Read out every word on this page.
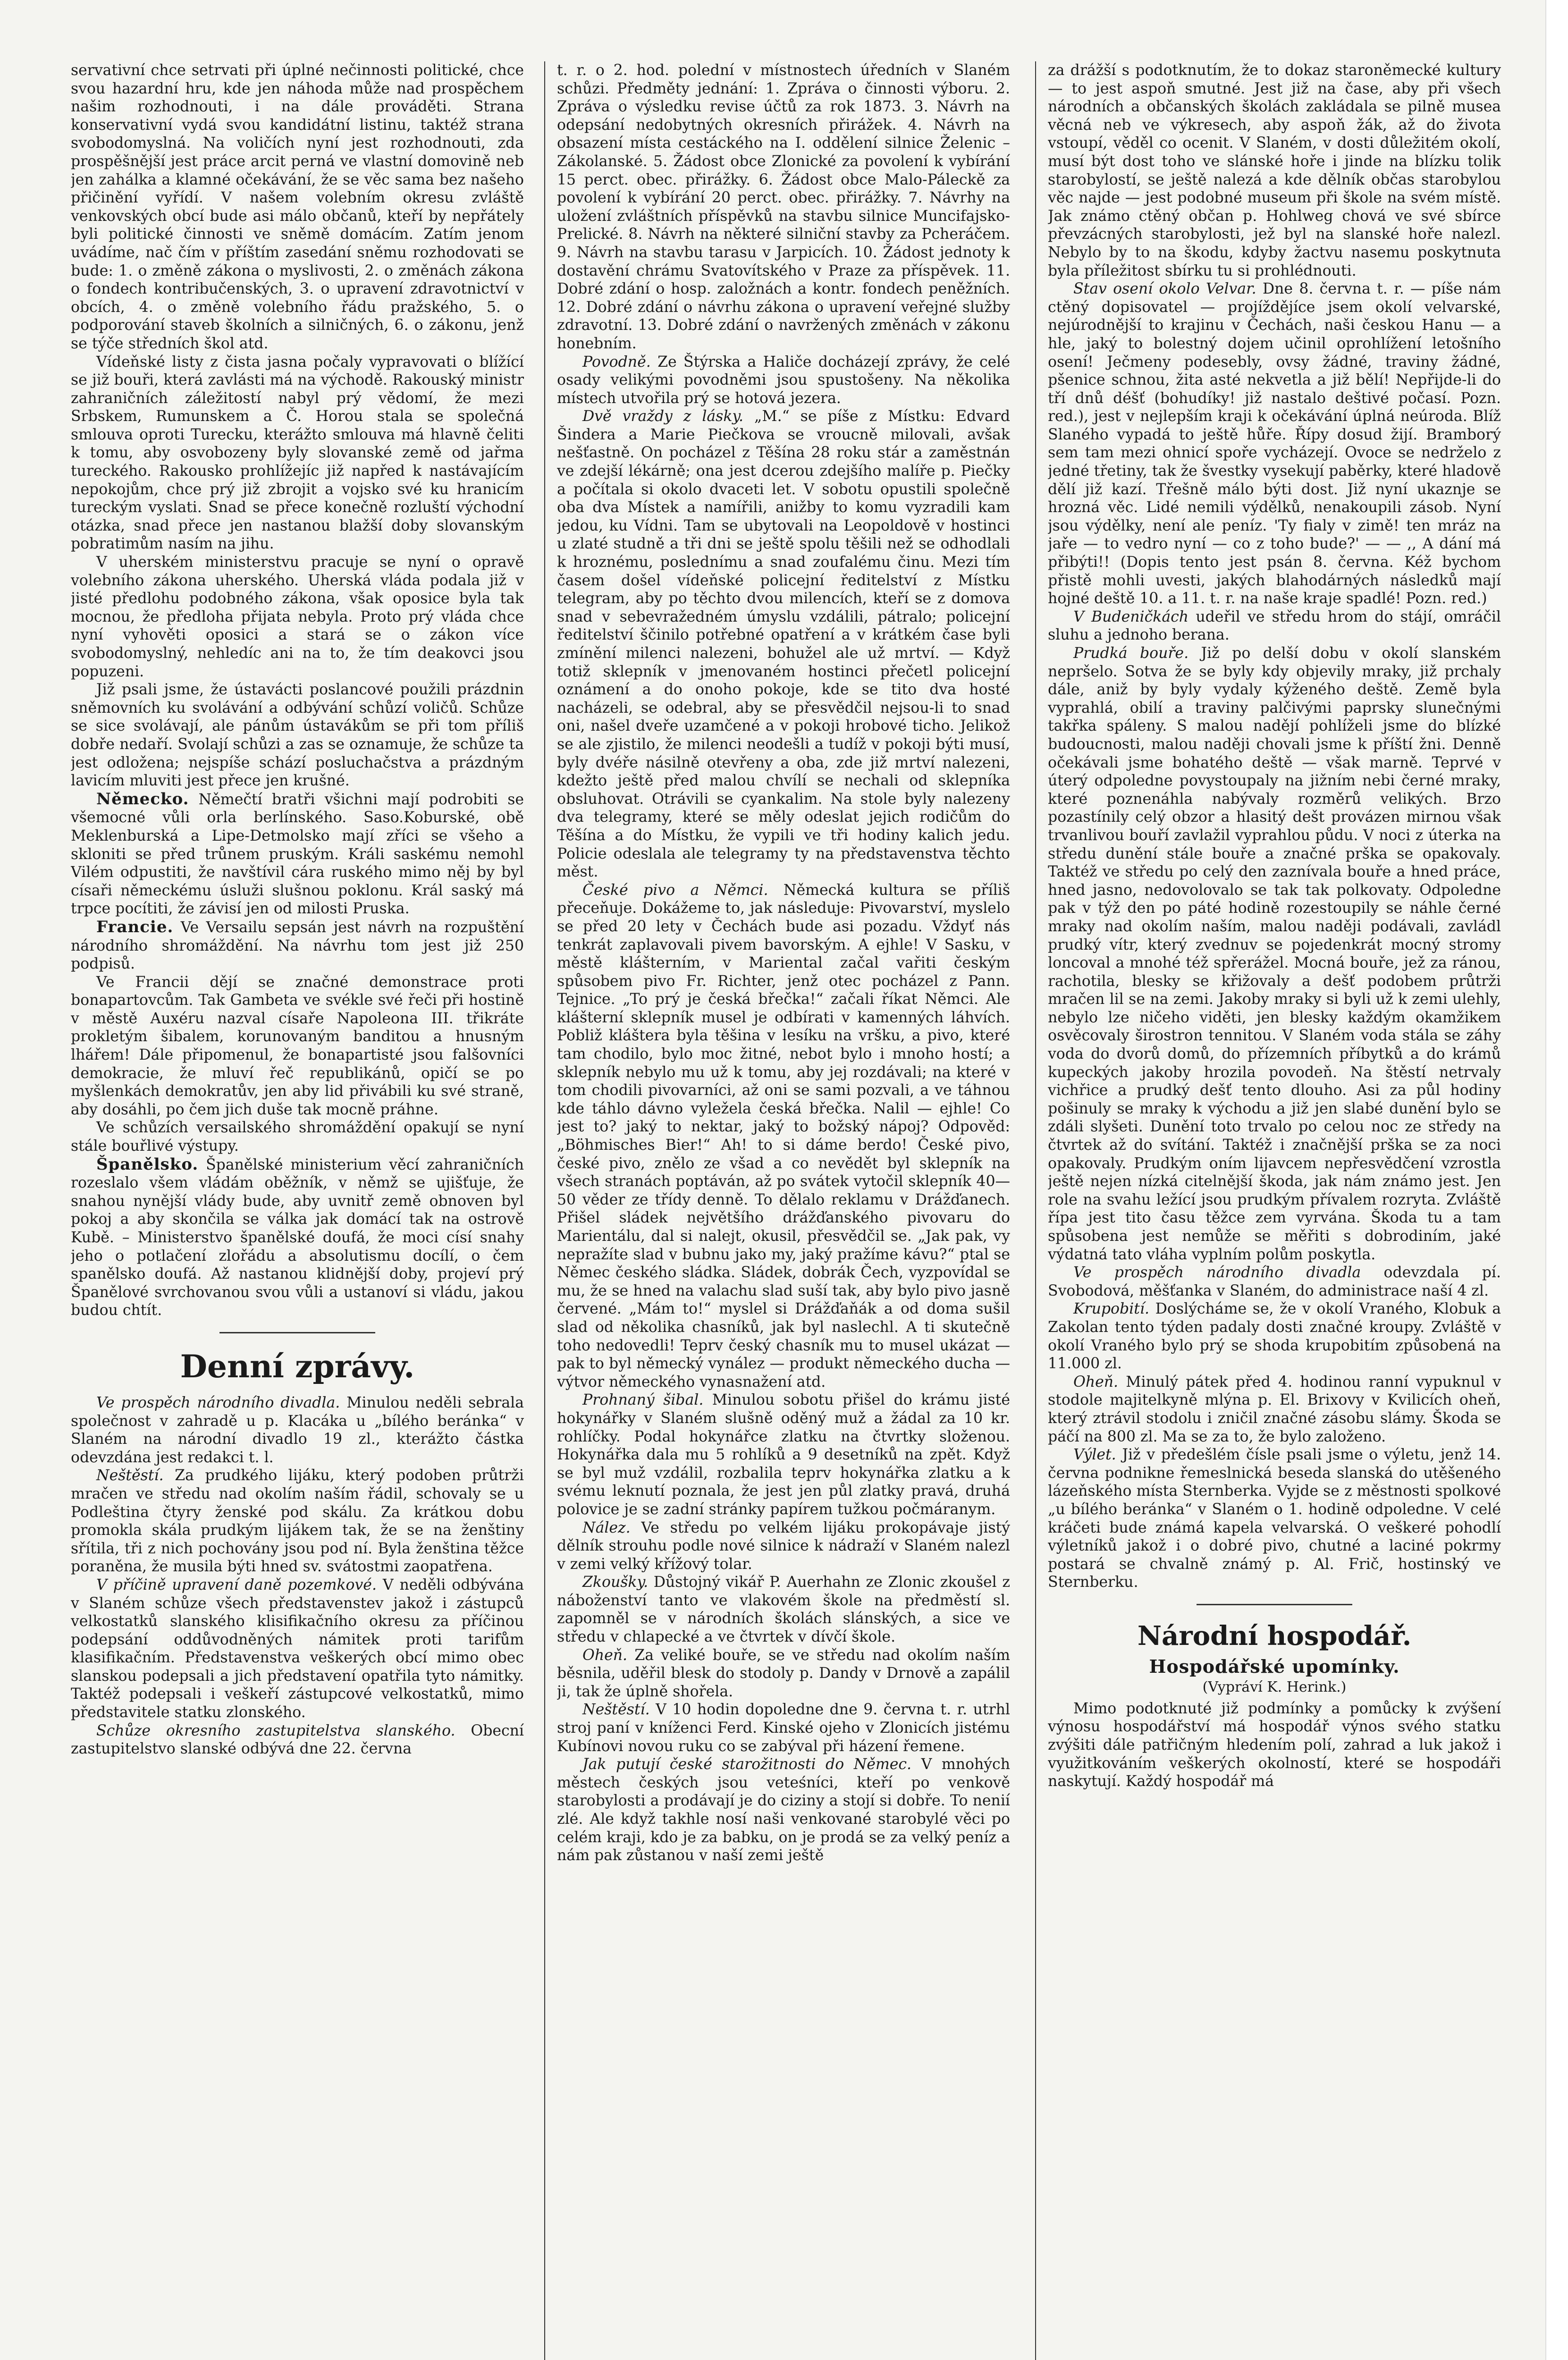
servativní chce setrvati při úplné nečinnosti politické, chce svou hazardní hru, kde jen náhoda může nad prospěchem našim rozhodnouti, i na dále prováděti. Strana konservativní vydá svou kandidátní listinu, taktéž strana svobodomyslná. Na voličích nyní jest rozhodnouti, zda prospěšnější jest práce arcit perná ve vlastní domovině neb jen zahálka a klamné očekávání, že se věc sama bez našeho přičinění vyřídí. V našem volebním okresu zvláště venkovských obcí bude asi málo občanů, kteří by nepřátely byli politické činnosti ve sněmě domácím. Zatím jenom uvádíme, nač čím v příštím zasedání sněmu rozhodovati se bude: 1. o změně zákona o myslivosti, 2. o změnách zákona o fondech kontribučenských, 3. o upravení zdravotnictví v obcích, 4. o změně volebního řádu pražského, 5. o podporování staveb školních a silničných, 6. o zákonu, jenž se týče středních škol atd.

Vídeňské listy z čista jasna počaly vypravovati o blížící se již bouři, která zavlásti má na východě. Rakouský ministr zahraničních záležitostí nabyl prý vědomí, že mezi Srbskem, Rumunskem a Č. Horou stala se společná smlouva oproti Turecku, kterážto smlouva má hlavně čeliti k tomu, aby osvobozeny byly slovanské země od jařma tureckého. Rakousko prohlížejíc již napřed k nastávajícím nepokojům, chce prý již zbrojit a vojsko své ku hranicím tureckým vyslati. Snad se přece konečně rozluští východní otázka, snad přece jen nastanou blažší doby slovanským pobratimům nasím na jihu.

V uherském ministerstvu pracuje se nyní o opravě volebního zákona uherského. Uherská vláda podala již v jisté předlohu podobného zákona, však oposice byla tak mocnou, že předloha přijata nebyla. Proto prý vláda chce nyní vyhověti oposici a stará se o zákon více svobodomyslný, nehledíc ani na to, že tím deakovci jsou popuzeni.

Již psali jsme, že ústavácti poslancové použili prázdnin sněmovních ku svolávání a odbývání schůzí voličů. Schůze se sice svolávají, ale pánům ústavákům se při tom příliš dobře nedaří. Svolají schůzi a zas se oznamuje, že schůze ta jest odložena; nejspíše schází posluchačstva a prázdným lavicím mluviti jest přece jen krušné.

Německo. Němečtí bratři všichni mají podrobiti se všemocné vůli orla berlínského. Saso.Koburské, obě Meklenburská a Lipe-Detmolsko mají zříci se všeho a skloniti se před trůnem pruským. Králi saskému nemohl Vilém odpustiti, že navštívil cára ruského mimo něj by byl císaři německému úsluži slušnou poklonu. Král saský má trpce pocítiti, že závisí jen od milosti Pruska.

Francie. Ve Versailu sepsán jest návrh na rozpuštění národního shromáždění. Na návrhu tom jest již 250 podpisů.

Ve Francii dějí se značné demonstrace proti bonapartovcům. Tak Gambeta ve svékle své řeči při hostině v městě Auxéru nazval císaře Napoleona III. třikráte prokletým šibalem, korunovaným banditou a hnusným lhářem! Dále připomenul, že bonapartisté jsou falšovníci demokracie, že mluví řeč republikánů, opičí se po myšlenkách demokratův, jen aby lid přivábili ku své straně, aby dosáhli, po čem jich duše tak mocně práhne.

Ve schůzích versailského shromáždění opakují se nyní stále bouřlivé výstupy.

Španělsko. Španělské ministerium věcí zahraničních rozeslalo všem vládám oběžník, v němž se ujišťuje, že snahou nynější vlády bude, aby uvnitř země obnoven byl pokoj a aby skončila se válka jak domácí tak na ostrově Kubě. – Ministerstvo španělské doufá, že moci císí snahy jeho o potlačení zlořádu a absolutismu docílí, o čem spanělsko doufá. Až nastanou klidnější doby, projeví prý Španělové svrchovanou svou vůli a ustanoví si vládu, jakou budou chtít.

Denní zprávy.

Ve prospěch národního divadla. Minulou neděli sebrala společnost v zahradě u p. Klacáka u „bílého beránka“ v Slaném na národní divadlo 19 zl., kterážto částka odevzdána jest redakci t. l.

Neštěstí. Za prudkého lijáku, který podoben průtrži mračen ve středu nad okolím naším řádil, schovaly se u Podleština čtyry ženské pod skálu. Za krátkou dobu promokla skála prudkým lijákem tak, že se na ženštiny sřítila, tři z nich pochovány jsou pod ní. Byla ženština těžce poraněna, že musila býti hned sv. svátostmi zaopatřena.

V příčině upravení daně pozemkové. V neděli odbývána v Slaném schůze všech představenstev jakož i zástupců velkostatků slanského klisifikačního okresu za příčinou podepsání oddůvodněných námitek proti tarifům klasifikačním. Představenstva veškerých obcí mimo obec slanskou podepsali a jich představení opatřila tyto námitky. Taktéž podepsali i veškeří zástupcové velkostatků, mimo představitele statku zlonského.

Schůze okresního zastupitelstva slanského. Obecní zastupitelstvo slanské odbývá dne 22. června

t. r. o 2. hod. polední v místnostech úředních v Slaném schůzi. Předměty jednání: 1. Zpráva o činnosti výboru. 2. Zpráva o výsledku revise účtů za rok 1873. 3. Návrh na odepsání nedobytných okresních přirážek. 4. Návrh na obsazení místa cestáckého na I. oddělení silnice Želenic – Zákolanské. 5. Žádost obce Zlonické za povolení k vybírání 15 perct. obec. přirážky. 6. Žádost obce Malo-Páleckě za povolení k vybírání 20 perct. obec. přirážky. 7. Návrhy na uložení zvláštních příspěvků na stavbu silnice Muncifajsko-Prelické. 8. Návrh na některé silniční stavby za Pcheráčem. 9. Návrh na stavbu tarasu v Jarpicích. 10. Žádost jednoty k dostavění chrámu Svatovítského v Praze za příspěvek. 11. Dobré zdání o hosp. založnách a kontr. fondech peněžních. 12. Dobré zdání o návrhu zákona o upravení veřejné služby zdravotní. 13. Dobré zdání o navržených změnách v zákonu honebním.

Povodně. Ze Štýrska a Haliče docházejí zprávy, že celé osady velikými povodněmi jsou spustošeny. Na několika místech utvořila prý se hotová jezera.

Dvě vraždy z lásky. „M.“ se píše z Místku: Edvard Šindera a Marie Piečkova se vroucně milovali, avšak nešťastně. On pocházel z Těšína 28 roku stár a zaměstnán ve zdejší lékárně; ona jest dcerou zdejšího malíře p. Piečky a počítala si okolo dvaceti let. V sobotu opustili společně oba dva Místek a namířili, anižby to komu vyzradili kam jedou, ku Vídni. Tam se ubytovali na Leopoldově v hostinci u zlaté studně a tři dni se ještě spolu těšili než se odhodlali k hroznému, poslednímu a snad zoufalému činu. Mezi tím časem došel vídeňské policejní ředitelství z Místku telegram, aby po těchto dvou milencích, kteří se z domova snad v sebevražedném úmyslu vzdálili, pátralo; policejní ředitelství ščinilo potřebné opatření a v krátkém čase byli zmínění milenci nalezeni, bohužel ale už mrtví. — Když totiž sklepník v jmenovaném hostinci přečetl policejní oznámení a do onoho pokoje, kde se tito dva hosté nacházeli, se odebral, aby se přesvědčil nejsou-li to snad oni, našel dveře uzamčené a v pokoji hrobové ticho. Jelikož se ale zjistilo, že milenci neodešli a tudíž v pokoji býti musí, byly dvéře násilně otevřeny a oba, zde již mrtví nalezeni, kdežto ještě před malou chvílí se nechali od sklepníka obsluhovat. Otrávili se cyankalim. Na stole byly nalezeny dva telegramy, které se měly odeslat jejich rodičům do Těšína a do Místku, že vypili ve tři hodiny kalich jedu. Policie odeslala ale telegramy ty na představenstva těchto měst.

České pivo a Němci. Německá kultura se příliš přeceňuje. Dokážeme to, jak následuje: Pivovarství, myslelo se před 20 lety v Čechách bude asi pozadu. Vždyť nás tenkrát zaplavovali pivem bavorským. A ejhle! V Sasku, v městě klášterním, v Mariental začal vařiti českým spůsobem pivo Fr. Richter, jenž otec pocházel z Pann. Tejnice. „To prý je česká břečka!“ začali říkat Němci. Ale klášterní sklepník musel je odbírati v kamenných láhvích. Pobliž kláštera byla těšina v lesíku na vršku, a pivo, které tam chodilo, bylo moc žitné, nebot bylo i mnoho hostí; a sklepník nebylo mu už k tomu, aby jej rozdávali; na které v tom chodili pivovarníci, až oni se sami pozvali, a ve táhnou kde táhlo dávno vyležela česká břečka. Nalil — ejhle! Co jest to? jaký to nektar, jaký to božský nápoj? Odpověd: „Böhmisches Bier!“ Ah! to si dáme berdo! České pivo, české pivo, znělo ze všad a co nevědět byl sklepník na všech stranách poptáván, až po svátek vytočil sklepník 40—50 věder ze třídy denně. To dělalo reklamu v Drážďanech. Přišel sládek největšího drážďanského pivovaru do Marientálu, dal si nalejt, okusil, přesvědčil se. „Jak pak, vy nepražíte slad v bubnu jako my, jaký pražíme kávu?“ ptal se Němec českého sládka. Sládek, dobrák Čech, vyzpovídal se mu, že se hned na valachu slad suší tak, aby bylo pivo jasně červené. „Mám to!“ myslel si Drážďaňák a od doma sušil slad od několika chasníků, jak byl naslechl. A ti skutečně toho nedovedli! Teprv český chasník mu to musel ukázat — pak to byl německý vynález — produkt německého ducha — výtvor německého vynasnažení atd.

Prohnaný šibal. Minulou sobotu přišel do krámu jisté hokynářky v Slaném slušně oděný muž a žádal za 10 kr. rohlíčky. Podal hokynářce zlatku na čtvrtky složenou. Hokynářka dala mu 5 rohlíků a 9 desetníků na zpět. Když se byl muž vzdálil, rozbalila teprv hokynářka zlatku a k svému leknutí poznala, že jest jen půl zlatky pravá, druhá polovice je se zadní stránky papírem tužkou počmáranym.

Nález. Ve středu po velkém lijáku prokopávaje jistý dělník strouhu podle nové silnice k nádraží v Slaném nalezl v zemi velký křížový tolar.

Zkoušky. Důstojný vikář P. Auerhahn ze Zlonic zkoušel z náboženství tanto ve vlakovém škole na předměstí sl. zapomněl se v národních školách slánských, a sice ve středu v chlapecké a ve čtvrtek v dívčí škole.

Oheň. Za veliké bouře, se ve středu nad okolím naším běsnila, uděřil blesk do stodoly p. Dandy v Drnově a zapálil ji, tak že úplně shořela.

Neštěstí. V 10 hodin dopoledne dne 9. června t. r. utrhl stroj paní v kníženci Ferd. Kinské ojeho v Zlonicích jistému Kubínovi novou ruku co se zabýval při házení řemene.

Jak putují české starožitnosti do Němec. V mnohých městech českých jsou veteśníci, kteří po venkově starobylosti a prodávají je do ciziny a stojí si dobře. To nenií zlé. Ale když takhle nosí naši venkované starobylé věci po celém kraji, kdo je za babku, on je prodá se za velký peníz a nám pak zůstanou v naší zemi ještě

za drážší s podotknutím, že to dokaz staroněmecké kultury — to jest aspoň smutné. Jest již na čase, aby při všech národních a občanských školách zakládala se pilně musea věcná neb ve výkresech, aby aspoň žák, až do života vstoupí, věděl co ocenit. V Slaném, v dosti důležitém okolí, musí být dost toho ve slánské hoře i jinde na blízku tolik starobylostí, se ještě nalezá a kde dělník občas starobylou věc najde — jest podobné museum při škole na svém místě. Jak známo ctěný občan p. Hohlweg chová ve své sbírce převzácných starobylosti, jež byl na slanské hoře nalezl. Nebylo by to na škodu, kdyby žactvu nasemu poskytnuta byla příležitost sbírku tu si prohlédnouti.

Stav osení okolo Velvar. Dne 8. června t. r. — píše nám ctěný dopisovatel — projíždějíce jsem okolí velvarské, nejúrodnější to krajinu v Čechách, naši českou Hanu — a hle, jaký to bolestný dojem učinil oprohlížení letošního osení! Ječmeny podesebly, ovsy žádné, traviny žádné, pšenice schnou, žita asté nekvetla a již bělí! Nepřijde-li do tří dnů déšť (bohudíky! již nastalo deštivé počasí. Pozn. red.), jest v nejlepším kraji k očekávání úplná neúroda. Blíž Slaného vypadá to ještě hůře. Řípy dosud žijí. Bramborý sem tam mezi ohnicí spoře vycházejí. Ovoce se nedrželo z jedné třetiny, tak že švestky vysekují paběrky, které hladově dělí již kazí. Třešně málo býti dost. Již nyní ukaznje se hrozná věc. Lidé nemili výdělků, nenakoupili zásob. Nyní jsou výdělky, není ale peníz. 'Ty fialy v zimě! ten mráz na jaře — to vedro nyní — co z toho bude?' — — ,, A dání má přibýti!! (Dopis tento jest psán 8. června. Kéž bychom přistě mohli uvesti, jakých blahodárných následků mají hojné deště 10. a 11. t. r. na naše kraje spadlé! Pozn. red.)

V Budeničkách udeřil ve středu hrom do stájí, omráčil sluhu a jednoho berana.

Prudká bouře. Již po delší dobu v okolí slanském nepršelo. Sotva že se byly kdy objevily mraky, již prchaly dále, aniž by byly vydaly kýženého deště. Země byla vyprahlá, obilí a traviny palčivými paprsky slunečnými takřka spáleny. S malou nadějí pohlíželi jsme do blízké budoucnosti, malou naději chovali jsme k příští žni. Denně očekávali jsme bohatého deště — však marně. Teprvé v úterý odpoledne povystoupaly na jižním nebi černé mraky, které poznenáhla nabývaly rozměrů velikých. Brzo pozastínily celý obzor a hlasitý dešt provázen mirnou však trvanlivou bouří zavlažil vyprahlou půdu. V noci z úterka na středu dunění stále bouře a značné prška se opakovaly. Taktéž ve středu po celý den zaznívala bouře a hned práce, hned jasno, nedovolovalo se tak tak polkovaty. Odpoledne pak v týž den po páté hodině rozestoupily se náhle černé mraky nad okolím naším, malou naději podávali, zavládl prudký vítr, který zvednuv se pojedenkrát mocný stromy loncoval a mnohé též spřerážel. Mocná bouře, jež za ránou, rachotila, blesky se křižovaly a dešť podobem průtrži mračen lil se na zemi. Jakoby mraky si byli už k zemi ulehly, nebylo lze ničeho viděti, jen blesky každým okamžikem osvěcovaly širostron tennitou. V Slaném voda stála se záhy voda do dvorů domů, do přízemních příbytků a do krámů kupeckých jakoby hrozila povodeň. Na štěstí netrvaly vichřice a prudký dešť tento dlouho. Asi za půl hodiny pošinuly se mraky k východu a již jen slabé dunění bylo se zdáli slyšeti. Dunění toto trvalo po celou noc ze středy na čtvrtek až do svítání. Taktéž i značnější prška se za noci opakovaly. Prudkým oním lijavcem nepřesvědčení vzrostla ještě nejen nízká citelnější škoda, jak nám známo jest. Jen role na svahu ležící jsou prudkým přívalem rozryta. Zvláště řípa jest tito času těžce zem vyrvána. Škoda tu a tam spůsobena jest nemůže se měřiti s dobrodiním, jaké výdatná tato vláha vyplním polům poskytla.

Ve prospěch národního divadla odevzdala pí. Svobodová, měšťanka v Slaném, do administrace naší 4 zl.

Krupobití. Doslýcháme se, že v okolí Vraného, Klobuk a Zakolan tento týden padaly dosti značné kroupy. Zvláště v okolí Vraného bylo prý se shoda krupobitím způsobená na 11.000 zl.

Oheň. Minulý pátek před 4. hodinou ranní vypuknul v stodole majitelkyně mlýna p. El. Brixovy v Kvilicích oheň, který ztrávil stodolu i zničil značné zásobu slámy. Škoda se páčí na 800 zl. Ma se za to, že bylo založeno.

Výlet. Již v předešlém čísle psali jsme o výletu, jenž 14. června podnikne řemeslnická beseda slanská do utěšeného lázeňského místa Sternberka. Vyjde se z městnosti spolkové „u bílého beránka“ v Slaném o 1. hodině odpoledne. V celé kráčeti bude známá kapela velvarská. O veškeré pohodlí výletníků jakož i o dobré pivo, chutné a laciné pokrmy postará se chvalně známý p. Al. Frič, hostinský ve Sternberku.

Národní hospodář.
Hospodářské upomínky.
(Vypráví K. Herink.)

Mimo podotknuté již podmínky a pomůcky k zvýšení výnosu hospodářství má hospodář výnos svého statku zvýšiti dále patřičným hledením polí, zahrad a luk jakož i využitkováním veškerých okolností, které se hospodáři naskytují. Každý hospodář má
